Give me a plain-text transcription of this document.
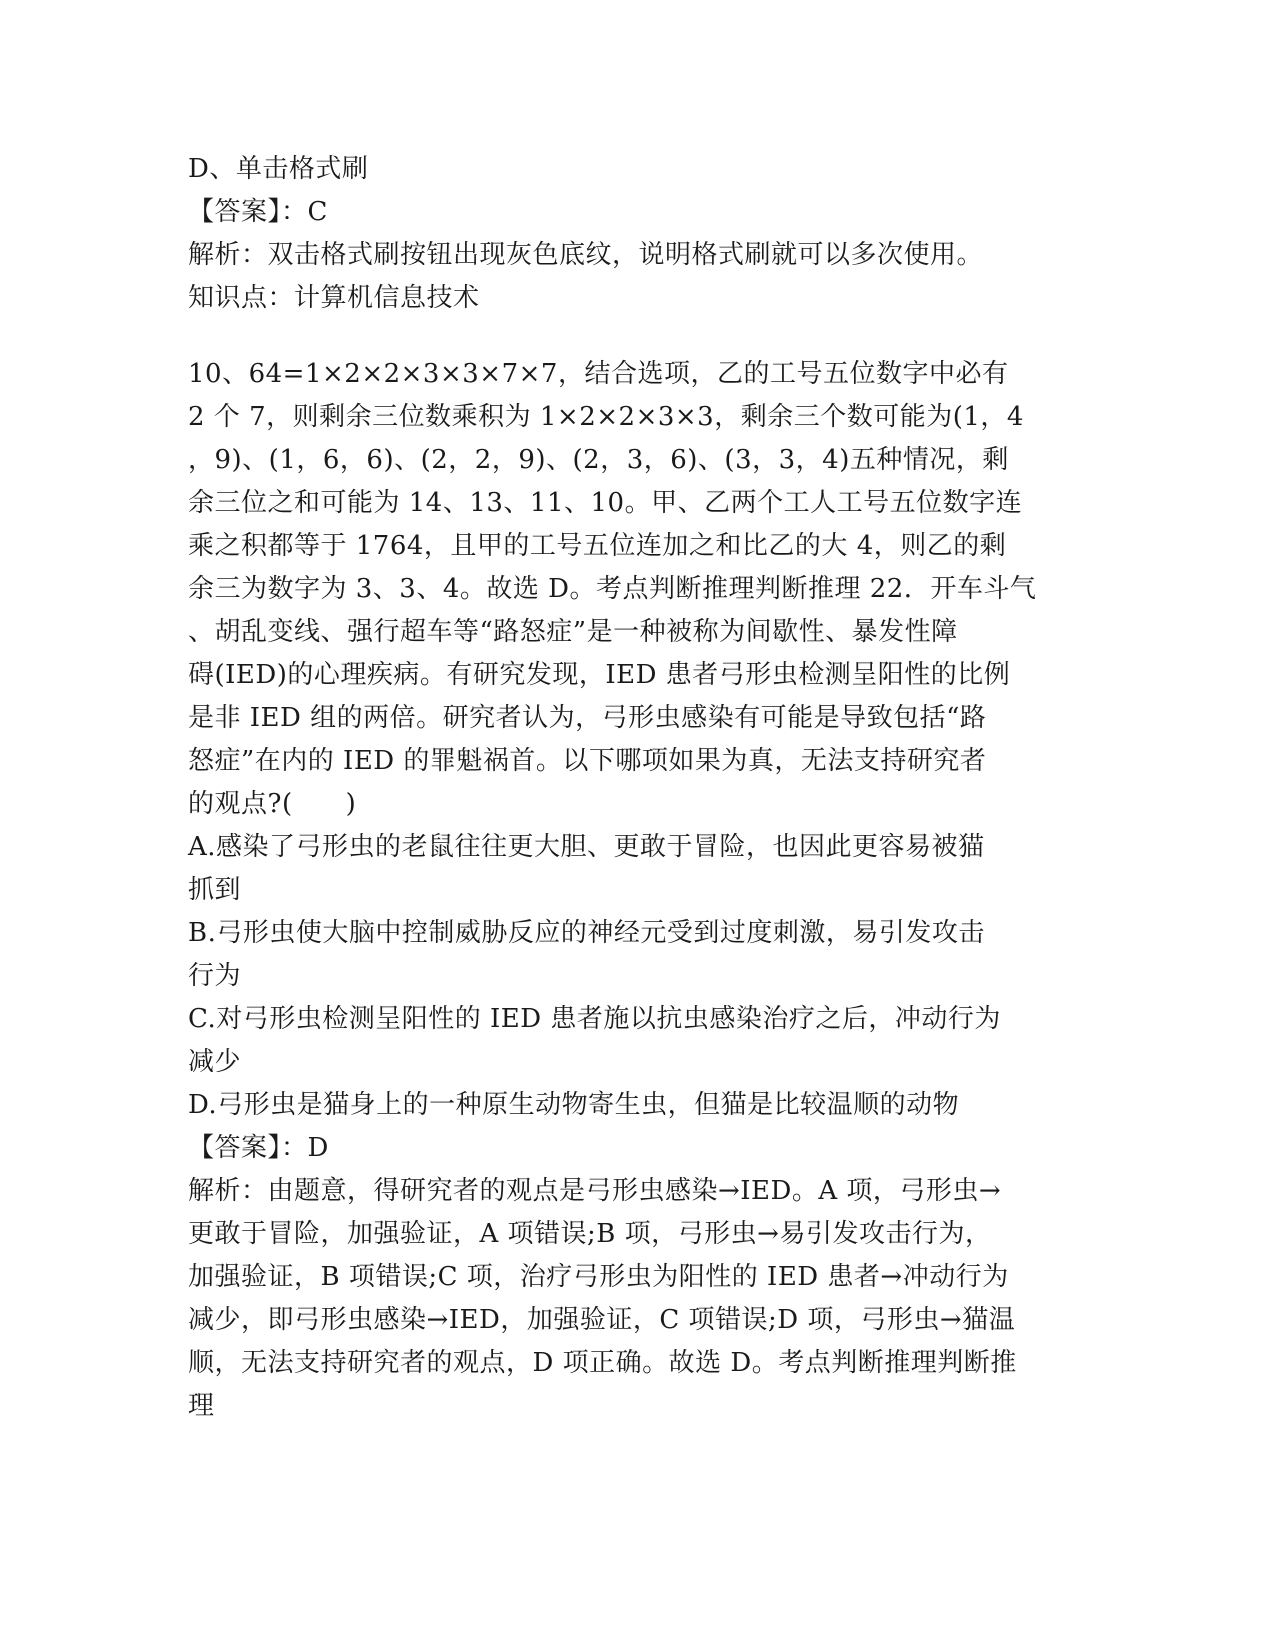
D、单击格式刷
【答案】：C
解析：双击格式刷按钮出现灰色底纹，说明格式刷就可以多次使用。
知识点：计算机信息技术
10、64=1×2×2×3×3×7×7，结合选项，乙的工号五位数字中必有
2 个 7，则剩余三位数乘积为 1×2×2×3×3，剩余三个数可能为(1，4
，9)、(1，6，6)、(2，2，9)、(2，3，6)、(3，3，4)五种情况，剩
余三位之和可能为 14、13、11、10。甲、乙两个工人工号五位数字连
乘之积都等于 1764，且甲的工号五位连加之和比乙的大 4，则乙的剩
余三为数字为 3、3、4。故选 D。考点判断推理判断推理 22．开车斗气
、胡乱变线、强行超车等“路怒症”是一种被称为间歇性、暴发性障
碍(IED)的心理疾病。有研究发现，IED 患者弓形虫检测呈阳性的比例
是非 IED 组的两倍。研究者认为，弓形虫感染有可能是导致包括“路
怒症”在内的 IED 的罪魁祸首。以下哪项如果为真，无法支持研究者
的观点?(　　)
A.感染了弓形虫的老鼠往往更大胆、更敢于冒险，也因此更容易被猫
抓到
B.弓形虫使大脑中控制威胁反应的神经元受到过度刺激，易引发攻击
行为
C.对弓形虫检测呈阳性的 IED 患者施以抗虫感染治疗之后，冲动行为
减少
D.弓形虫是猫身上的一种原生动物寄生虫，但猫是比较温顺的动物
【答案】：D
解析：由题意，得研究者的观点是弓形虫感染→IED。A 项，弓形虫→
更敢于冒险，加强验证，A 项错误;B 项，弓形虫→易引发攻击行为，
加强验证，B 项错误;C 项，治疗弓形虫为阳性的 IED 患者→冲动行为
减少，即弓形虫感染→IED，加强验证，C 项错误;D 项，弓形虫→猫温
顺，无法支持研究者的观点，D 项正确。故选 D。考点判断推理判断推
理
